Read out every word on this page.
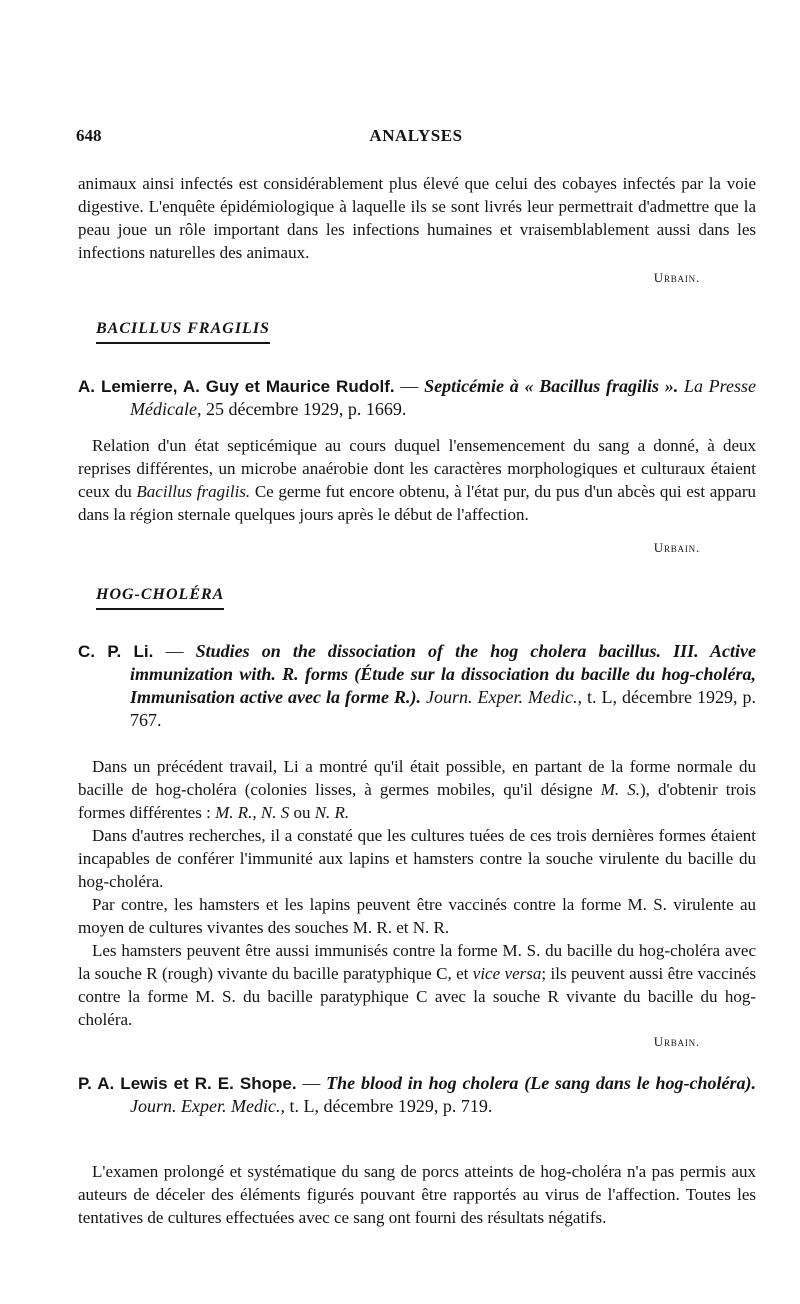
648	ANALYSES

animaux ainsi infectés est considérablement plus élevé que celui des cobayes infectés par la voie digestive. L'enquête épidémiologique à laquelle ils se sont livrés leur permettrait d'admettre que la peau joue un rôle important dans les infections humaines et vraisemblablement aussi dans les infections naturelles des animaux.

Urbain.
BACILLUS FRAGILIS

A. Lemierre, A. Guy et Maurice Rudolf. — Septicémie à « Bacillus fragilis ». La Presse Médicale, 25 décembre 1929, p. 1669.

Relation d'un état septicémique au cours duquel l'ensemencement du sang a donné, à deux reprises différentes, un microbe anaérobie dont les caractères morphologiques et culturaux étaient ceux du Bacillus fragilis. Ce germe fut encore obtenu, à l'état pur, du pus d'un abcès qui est apparu dans la région sternale quelques jours après le début de l'affection.

Urbain.
HOG-CHOLÉRA

C. P. Li. — Studies on the dissociation of the hog cholera bacillus. III. Active immunization with. R. forms (Étude sur la dissociation du bacille du hog-choléra, Immunisation active avec la forme R.). Journ. Exper. Medic., t. L, décembre 1929, p. 767.

Dans un précédent travail, Li a montré qu'il était possible, en partant de la forme normale du bacille de hog-choléra (colonies lisses, à germes mobiles, qu'il désigne M. S.), d'obtenir trois formes différentes : M. R., N. S ou N. R.

Dans d'autres recherches, il a constaté que les cultures tuées de ces trois dernières formes étaient incapables de conférer l'immunité aux lapins et hamsters contre la souche virulente du bacille du hog-choléra.

Par contre, les hamsters et les lapins peuvent être vaccinés contre la forme M. S. virulente au moyen de cultures vivantes des souches M. R. et N. R.

Les hamsters peuvent être aussi immunisés contre la forme M. S. du bacille du hog-choléra avec la souche R (rough) vivante du bacille paratyphique C, et vice versa; ils peuvent aussi être vaccinés contre la forme M. S. du bacille paratyphique C avec la souche R vivante du bacille du hog-choléra.

Urbain.

P. A. Lewis et R. E. Shope. — The blood in hog cholera (Le sang dans le hog-choléra). Journ. Exper. Medic., t. L, décembre 1929, p. 719.

L'examen prolongé et systématique du sang de porcs atteints de hog-choléra n'a pas permis aux auteurs de déceler des éléments figurés pouvant être rapportés au virus de l'affection. Toutes les tentatives de cultures effectuées avec ce sang ont fourni des résultats négatifs.
